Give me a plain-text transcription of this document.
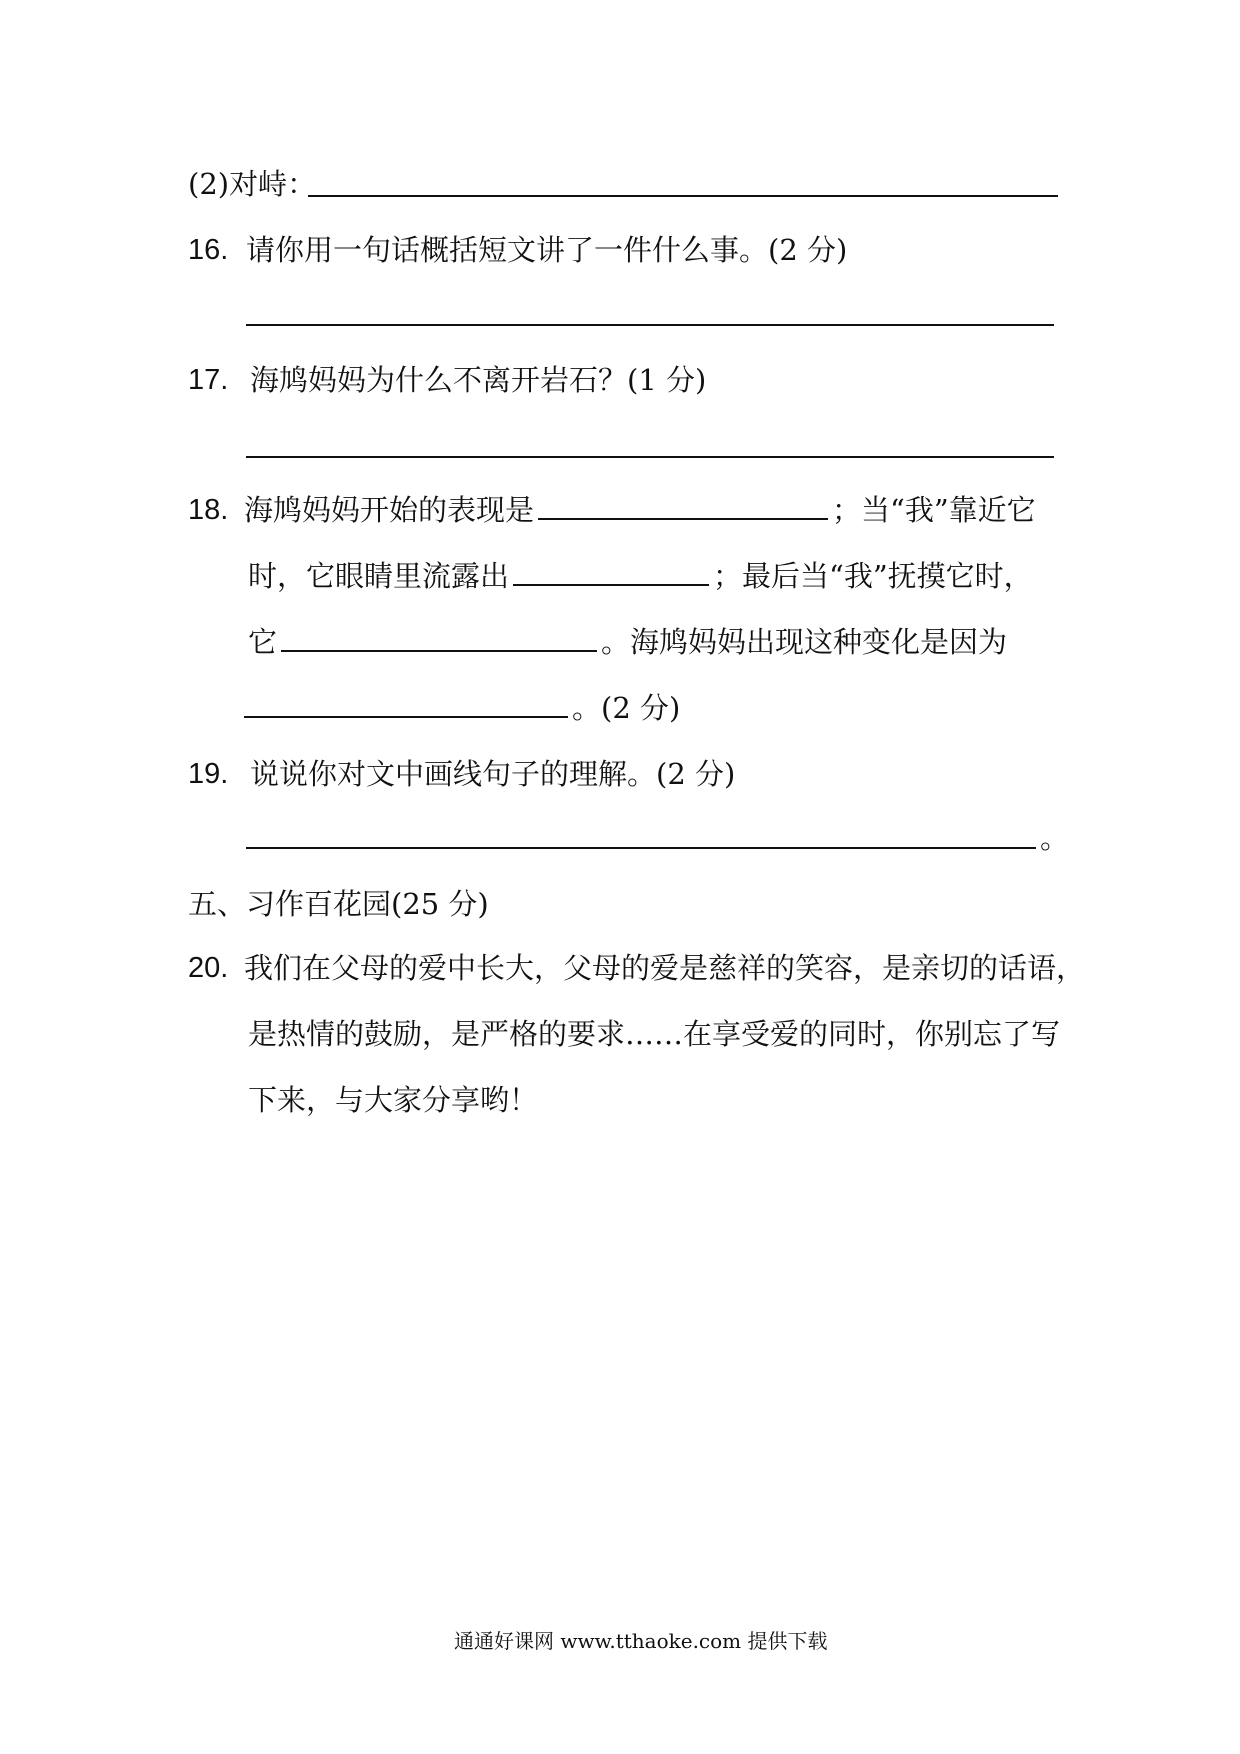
(2)对峙：
16. 请你用一句话概括短文讲了一件什么事。(2 分)
17. 海鸠妈妈为什么不离开岩石？(1 分)
18. 海鸠妈妈开始的表现是	；当“我”靠近它
时，它眼睛里流露出	；最后当“我”抚摸它时，
它	。海鸠妈妈出现这种变化是因为
。(2 分)
19. 说说你对文中画线句子的理解。(2 分)
。
五、习作百花园(25 分)
20. 我们在父母的爱中长大，父母的爱是慈祥的笑容，是亲切的话语，
是热情的鼓励，是严格的要求……在享受爱的同时，你别忘了写
下来，与大家分享哟！
通通好课网 www.tthaoke.com 提供下载
